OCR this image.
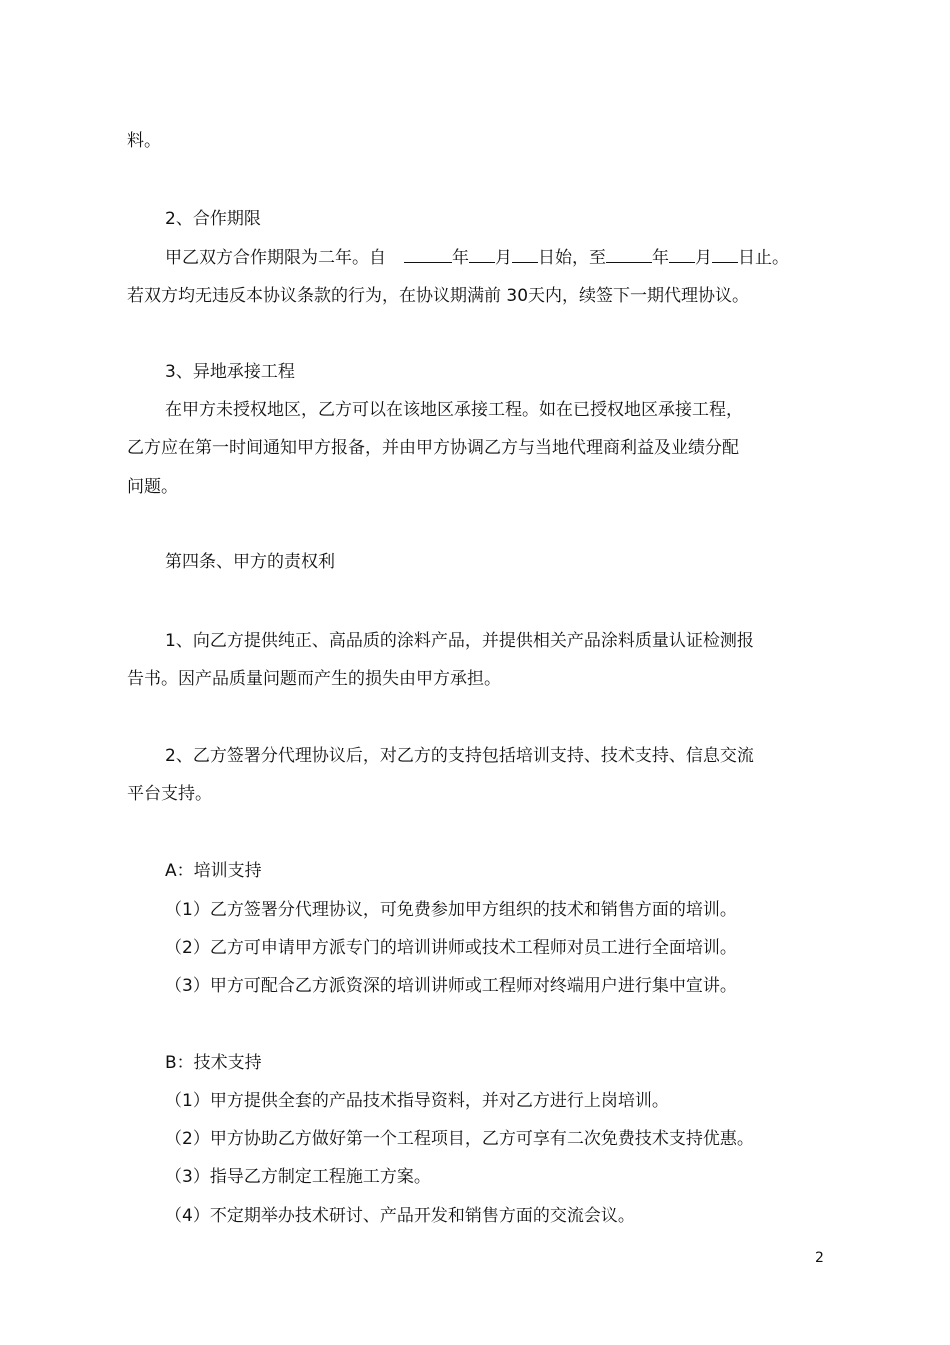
料。
2、合作期限
甲乙双方合作期限为二年。自	年 月 日始，至	年 月 日止。
若双方均无违反本协议条款的行为，在协议期满前 30天内，续签下一期代理协议。
3、异地承接工程
在甲方未授权地区，乙方可以在该地区承接工程。如在已授权地区承接工程，
乙方应在第一时间通知甲方报备，并由甲方协调乙方与当地代理商利益及业绩分配
问题。
第四条、甲方的责权利
1、向乙方提供纯正、高品质的涂料产品，并提供相关产品涂料质量认证检测报
告书。因产品质量问题而产生的损失由甲方承担。
2、乙方签署分代理协议后，对乙方的支持包括培训支持、技术支持、信息交流
平台支持。
A：培训支持
（1）乙方签署分代理协议，可免费参加甲方组织的技术和销售方面的培训。
（2）乙方可申请甲方派专门的培训讲师或技术工程师对员工进行全面培训。
（3）甲方可配合乙方派资深的培训讲师或工程师对终端用户进行集中宣讲。
B：技术支持
（1）甲方提供全套的产品技术指导资料，并对乙方进行上岗培训。
（2）甲方协助乙方做好第一个工程项目，乙方可享有二次免费技术支持优惠。
（3）指导乙方制定工程施工方案。
（4）不定期举办技术研讨、产品开发和销售方面的交流会议。
2
